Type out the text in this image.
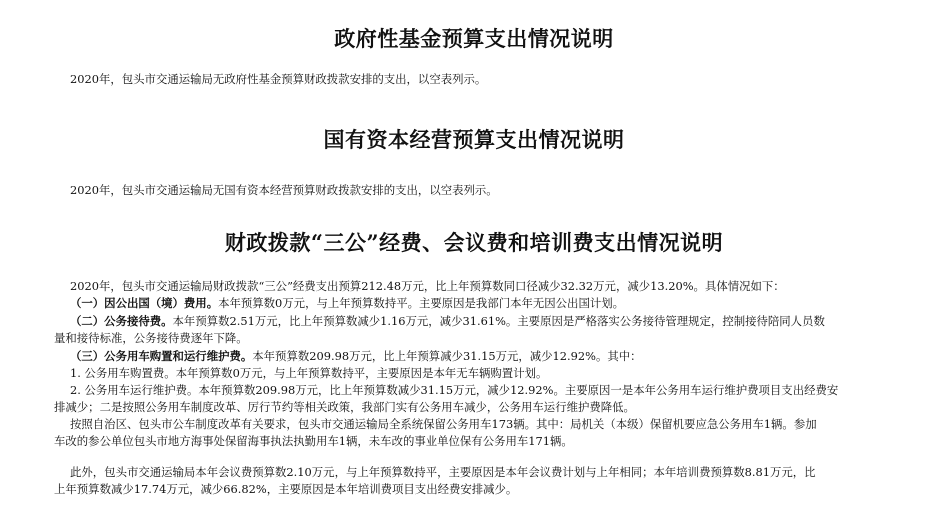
政府性基金预算支出情况说明

2020年，包头市交通运输局无政府性基金预算财政拨款安排的支出，以空表列示。

国有资本经营预算支出情况说明

2020年，包头市交通运输局无国有资本经营预算财政拨款安排的支出，以空表列示。

财政拨款“三公”经费、会议费和培训费支出情况说明

2020年，包头市交通运输局财政拨款“三公”经费支出预算212.48万元，比上年预算数同口径减少32.32万元，减少13.20%。具体情况如下：

（一）因公出国（境）费用。本年预算数0万元，与上年预算数持平。主要原因是我部门本年无因公出国计划。

（二）公务接待费。本年预算数2.51万元，比上年预算数减少1.16万元，减少31.61%。主要原因是严格落实公务接待管理规定，控制接待陪同人员数

量和接待标准，公务接待费逐年下降。

（三）公务用车购置和运行维护费。本年预算数209.98万元，比上年预算减少31.15万元，减少12.92%。其中：

1. 公务用车购置费。本年预算数0万元，与上年预算数持平，主要原因是本年无车辆购置计划。

2. 公务用车运行维护费。本年预算数209.98万元，比上年预算数减少31.15万元，减少12.92%。主要原因一是本年公务用车运行维护费项目支出经费安

排减少；二是按照公务用车制度改革、厉行节约等相关政策，我部门实有公务用车减少，公务用车运行维护费降低。

按照自治区、包头市公车制度改革有关要求，包头市交通运输局全系统保留公务用车173辆。其中：局机关（本级）保留机要应急公务用车1辆。参加

车改的参公单位包头市地方海事处保留海事执法执勤用车1辆，未车改的事业单位保有公务用车171辆。

此外，包头市交通运输局本年会议费预算数2.10万元，与上年预算数持平，主要原因是本年会议费计划与上年相同；本年培训费预算数8.81万元，比

上年预算数减少17.74万元，减少66.82%，主要原因是本年培训费项目支出经费安排减少。
